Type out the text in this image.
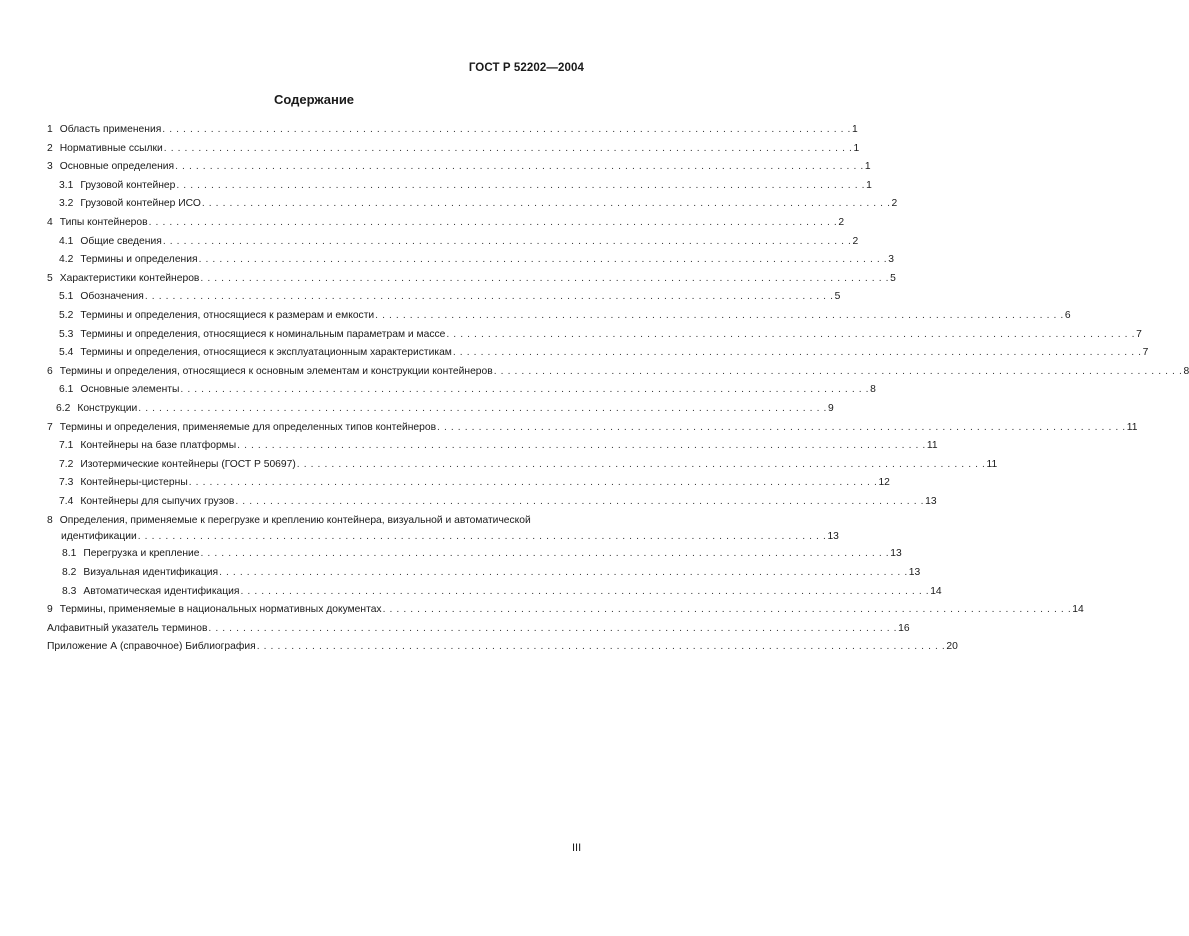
ГОСТ Р 52202—2004
Содержание
1 Область применения . . .	1
2 Нормативные ссылки . . .	1
3 Основные определения . . .	1
3.1 Грузовой контейнер . . .	1
3.2 Грузовой контейнер ИСО . . .	2
4 Типы контейнеров . . .	2
4.1 Общие сведения . . .	2
4.2 Термины и определения . . .	3
5 Характеристики контейнеров . . .	5
5.1 Обозначения . . .	5
5.2 Термины и определения, относящиеся к размерам и емкости . . .	6
5.3 Термины и определения, относящиеся к номинальным параметрам и массе . . .	7
5.4 Термины и определения, относящиеся к эксплуатационным характеристикам . . .	7
6 Термины и определения, относящиеся к основным элементам и конструкции контейнеров . . .	8
6.1 Основные элементы . . .	8
6.2 Конструкции . . .	9
7 Термины и определения, применяемые для определенных типов контейнеров . . .	11
7.1 Контейнеры на базе платформы . . .	11
7.2 Изотермические контейнеры (ГОСТ Р 50697) . . .	11
7.3 Контейнеры-цистерны . . .	12
7.4 Контейнеры для сыпучих грузов . . .	13
8 Определения, применяемые к перегрузке и креплению контейнера, визуальной и автоматической
идентификации . . .	13
8.1 Перегрузка и крепление . . .	13
8.2 Визуальная идентификация . . .	13
8.3 Автоматическая идентификация . . .	14
9 Термины, применяемые в национальных нормативных документах . . .	14
Алфавитный указатель терминов . . .	16
Приложение А (справочное) Библиография . . .	20
III
